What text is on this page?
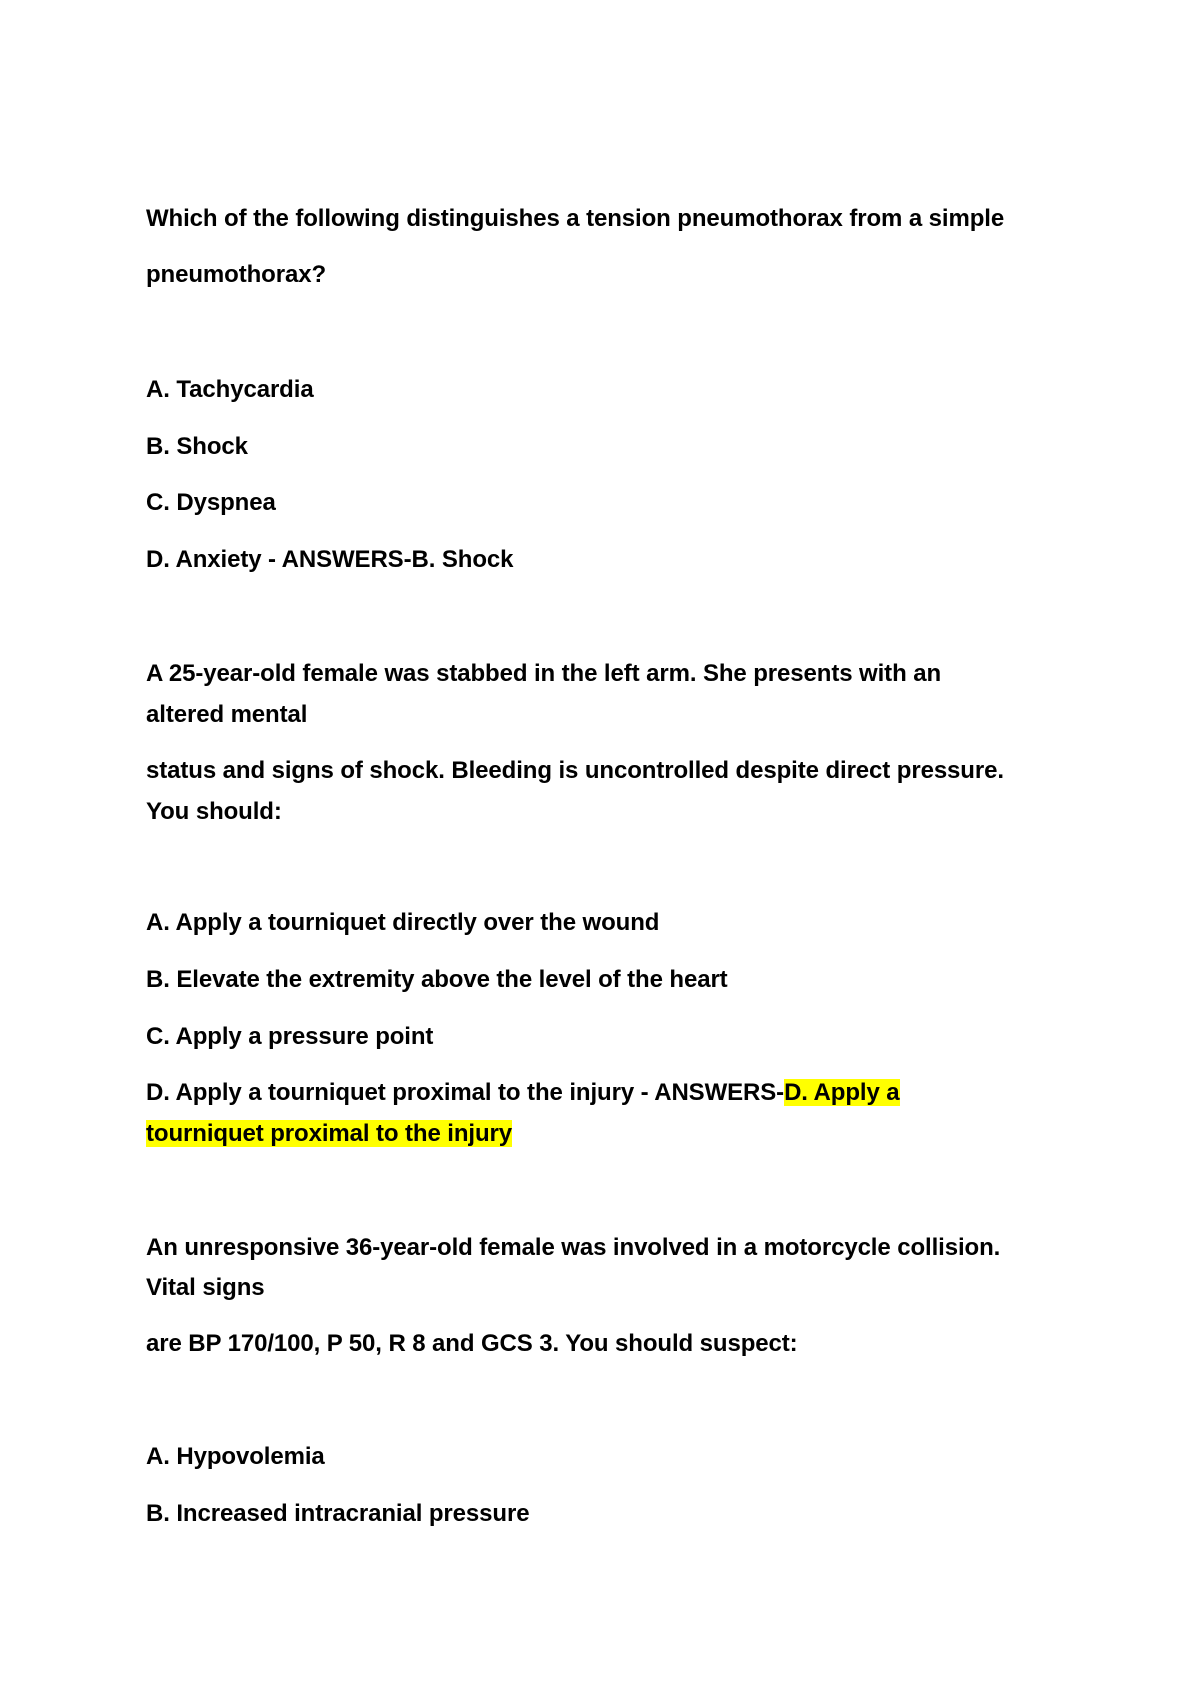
Which of the following distinguishes a tension pneumothorax from a simple
pneumothorax?
A. Tachycardia
B. Shock
C. Dyspnea
D. Anxiety - ANSWERS-B. Shock
A 25-year-old female was stabbed in the left arm. She presents with an
altered mental
status and signs of shock. Bleeding is uncontrolled despite direct pressure.
You should:
A. Apply a tourniquet directly over the wound
B. Elevate the extremity above the level of the heart
C. Apply a pressure point
D. Apply a tourniquet proximal to the injury - ANSWERS-D. Apply a
tourniquet proximal to the injury
An unresponsive 36-year-old female was involved in a motorcycle collision.
Vital signs
are BP 170/100, P 50, R 8 and GCS 3. You should suspect:
A. Hypovolemia
B. Increased intracranial pressure
